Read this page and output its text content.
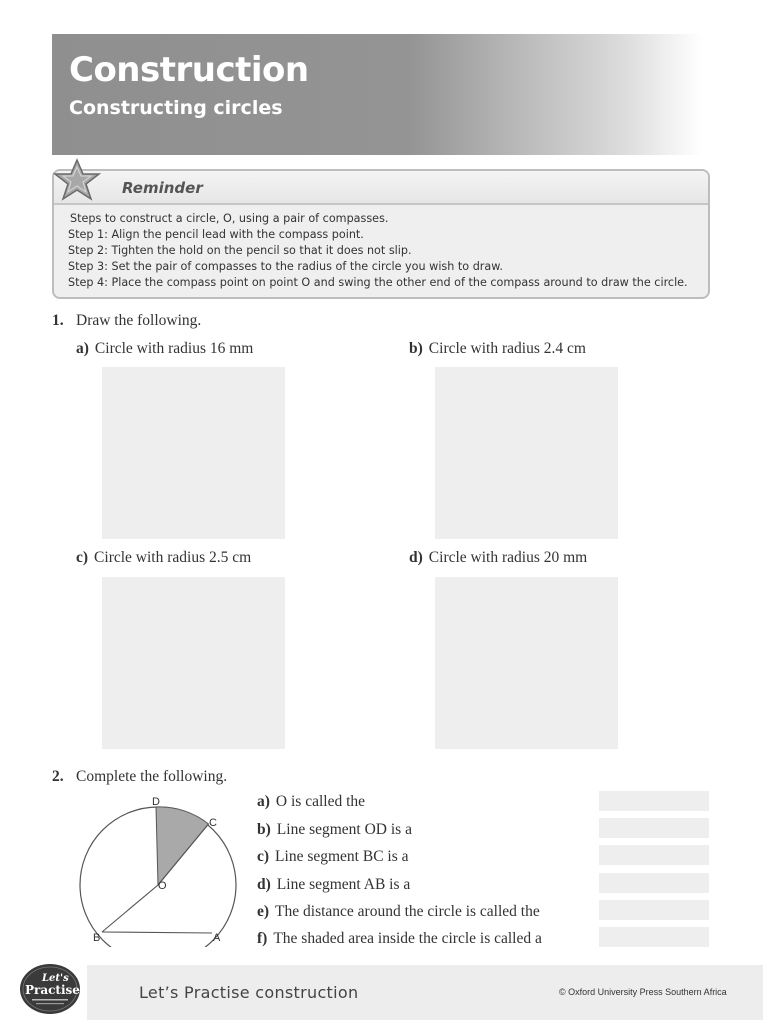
Construction
Constructing circles
Reminder
Steps to construct a circle, O, using a pair of compasses.
Step 1: Align the pencil lead with the compass point.
Step 2: Tighten the hold on the pencil so that it does not slip.
Step 3: Set the pair of compasses to the radius of the circle you wish to draw.
Step 4: Place the compass point on point O and swing the other end of the compass around to draw the circle.
1. Draw the following.
a) Circle with radius 16 mm	b) Circle with radius 2.4 cm
c) Circle with radius 2.5 cm	d) Circle with radius 20 mm
2. Complete the following.
D
C
O
B	A
a) O is called the
b) Line segment OD is a
c) Line segment BC is a
d) Line segment AB is a
e) The distance around the circle is called the
f) The shaded area inside the circle is called a
Let’s Practise construction	© Oxford University Press Southern Africa
Let's
Practise
